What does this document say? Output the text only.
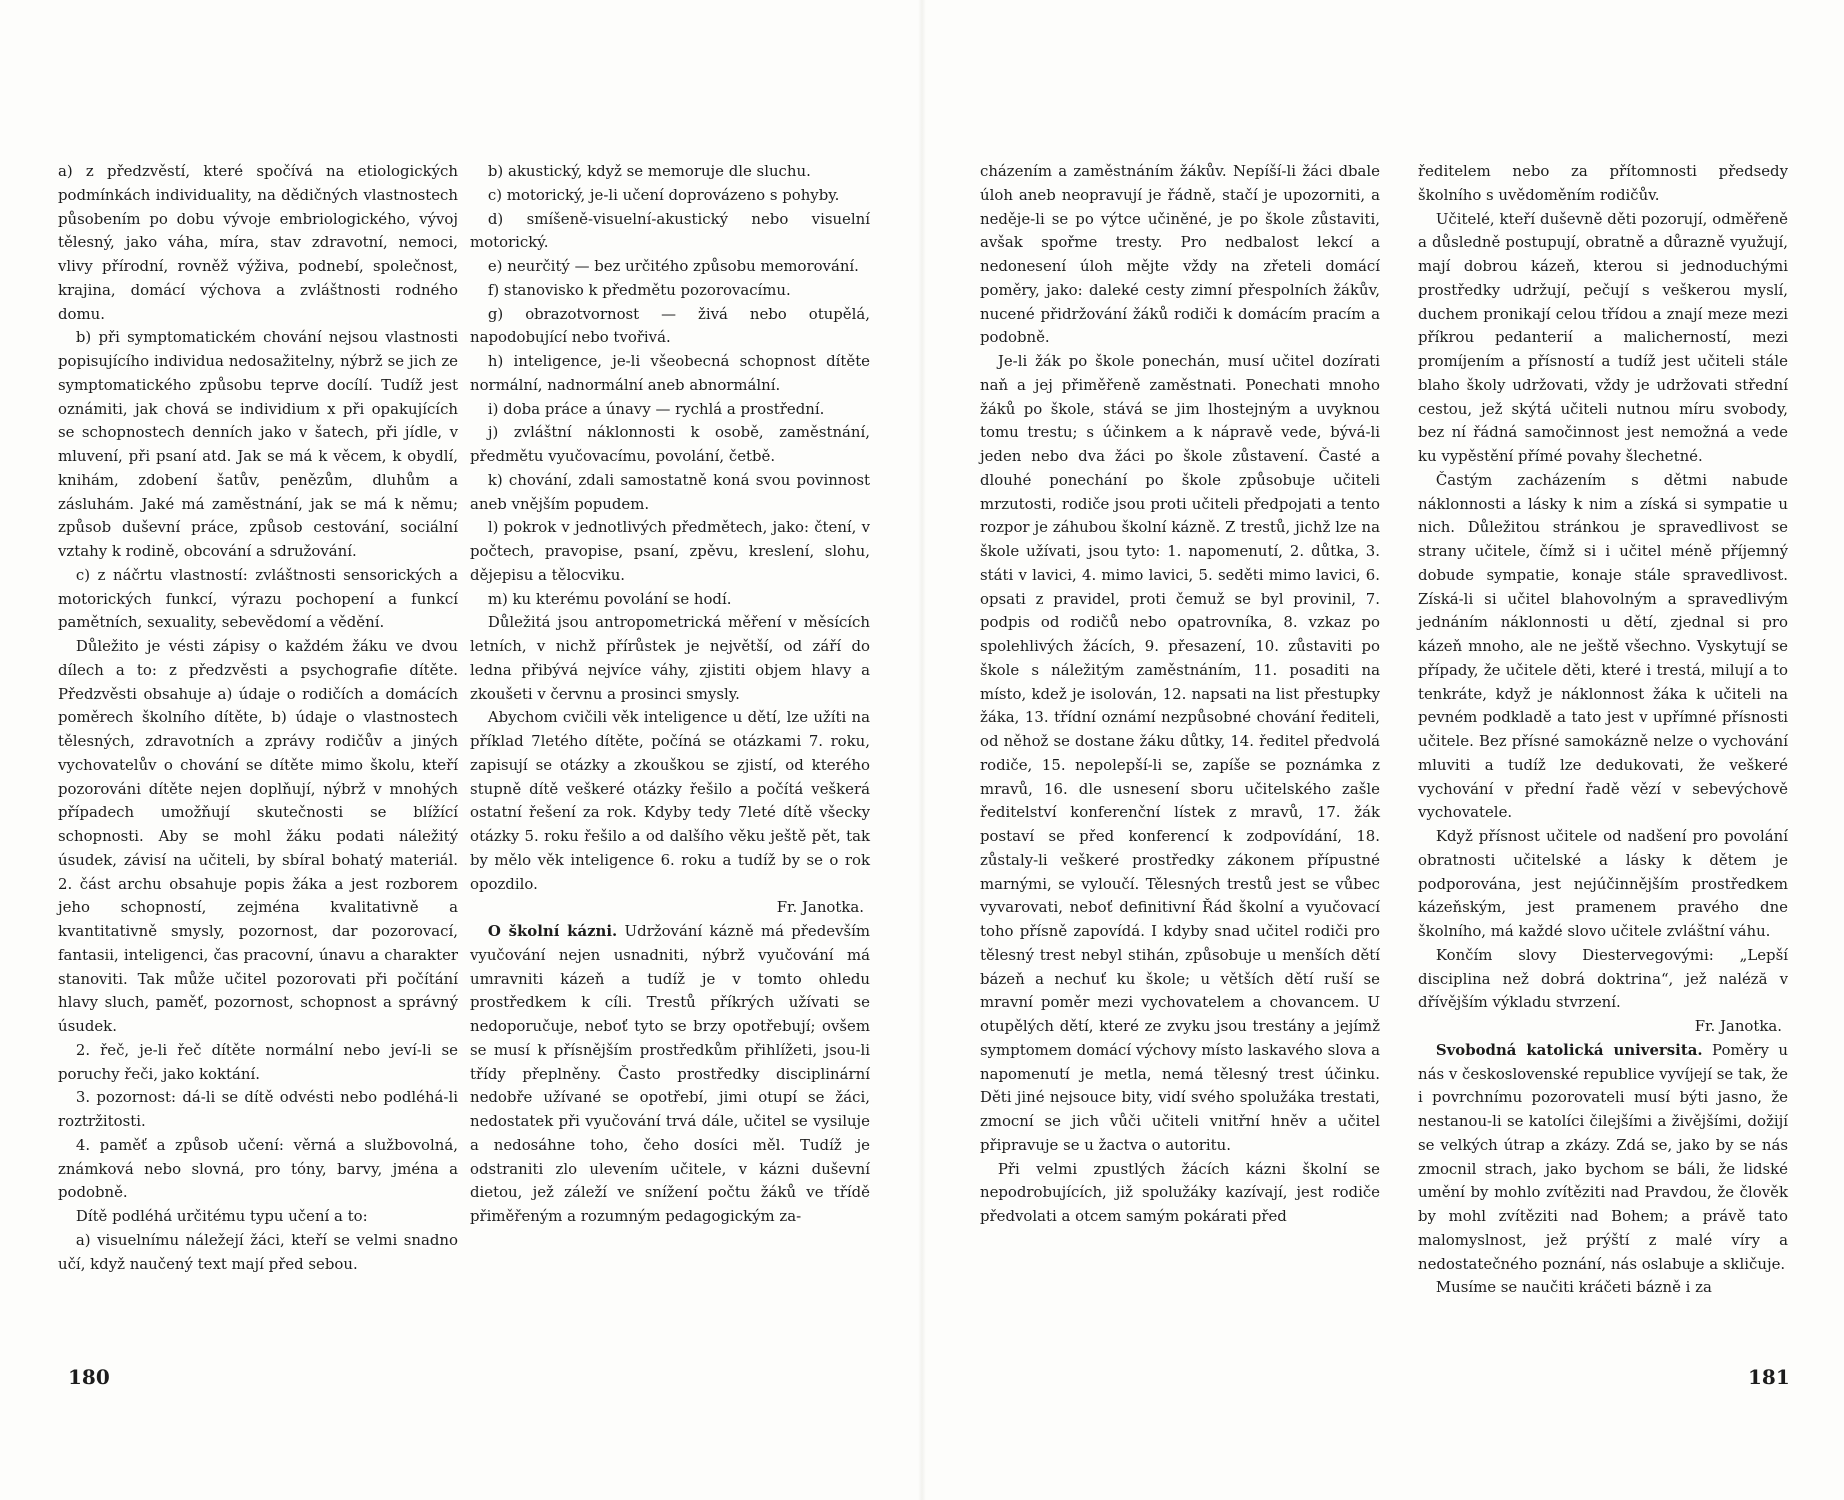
a) z předzvěstí, které spočívá na etiologických podmínkách individuality, na dědičných vlastnostech působením po dobu vývoje embriologického, vývoj tělesný, jako váha, míra, stav zdravotní, nemoci, vlivy přírodní, rovněž výživa, podnebí, společnost, krajina, domácí výchova a zvláštnosti rodného domu.

b) při symptomatickém chování nejsou vlastnosti popisujícího individua nedosažitelny, nýbrž se jich ze symptomatického způsobu teprve docílí. Tudíž jest oznámiti, jak chová se individium x při opakujících se schopnostech denních jako v šatech, při jídle, v mluvení, při psaní atd. Jak se má k věcem, k obydlí, knihám, zdobení šatův, penězům, dluhům a zásluhám. Jaké má zaměstnání, jak se má k němu; způsob duševní práce, způsob cestování, sociální vztahy k rodině, obcování a sdružování.

c) z náčrtu vlastností: zvláštnosti sensorických a motorických funkcí, výrazu pochopení a funkcí pamětních, sexuality, sebevědomí a vědění.

Důležito je vésti zápisy o každém žáku ve dvou dílech a to: z předzvěsti a psychografie dítěte. Předzvěsti obsahuje a) údaje o rodičích a domácích poměrech školního dítěte, b) údaje o vlastnostech tělesných, zdravotních a zprávy rodičův a jiných vychovatelův o chování se dítěte mimo školu, kteří pozorováni dítěte nejen doplňují, nýbrž v mnohých případech umožňují skutečnosti se blížící schopnosti. Aby se mohl žáku podati náležitý úsudek, závisí na učiteli, by sbíral bohatý materiál. 2. část archu obsahuje popis žáka a jest rozborem jeho schopností, zejména kvalitativně a kvantitativně smysly, pozornost, dar pozorovací, fantasii, inteligenci, čas pracovní, únavu a charakter stanoviti. Tak může učitel pozorovati při počítání hlavy sluch, paměť, pozornost, schopnost a správný úsudek.

2. řeč, je-li řeč dítěte normální nebo jeví-li se poruchy řeči, jako koktání.

3. pozornost: dá-li se dítě odvésti nebo podléhá-li roztržitosti.

4. paměť a způsob učení: věrná a službovolná, známková nebo slovná, pro tóny, barvy, jména a podobně.

Dítě podléhá určitému typu učení a to:

a) visuelnímu náležejí žáci, kteří se velmi snadno učí, když naučený text mají před sebou.

b) akustický, když se memoruje dle sluchu.

c) motorický, je-li učení doprovázeno s pohyby.

d) smíšeně-visuelní-akustický nebo visuelní motorický.

e) neurčitý — bez určitého způsobu memorování.

f) stanovisko k předmětu pozorovacímu.

g) obrazotvornost — živá nebo otupělá, napodobující nebo tvořivá.

h) inteligence, je-li všeobecná schopnost dítěte normální, nadnormální aneb abnormální.

i) doba práce a únavy — rychlá a prostřední.

j) zvláštní náklonnosti k osobě, zaměstnání, předmětu vyučovacímu, povolání, četbě.

k) chování, zdali samostatně koná svou povinnost aneb vnějším popudem.

l) pokrok v jednotlivých předmětech, jako: čtení, v počtech, pravopise, psaní, zpěvu, kreslení, slohu, dějepisu a tělocviku.

m) ku kterému povolání se hodí.

Důležitá jsou antropometrická měření v měsících letních, v nichž přírůstek je největší, od září do ledna přibývá nejvíce váhy, zjistiti objem hlavy a zkoušeti v červnu a prosinci smysly.

Abychom cvičili věk inteligence u dětí, lze užíti na příklad 7letého dítěte, počíná se otázkami 7. roku, zapisují se otázky a zkouškou se zjistí, od kterého stupně dítě veškeré otázky řešilo a počítá veškerá ostatní řešení za rok. Kdyby tedy 7leté dítě všecky otázky 5. roku řešilo a od dalšího věku ještě pět, tak by mělo věk inteligence 6. roku a tudíž by se o rok opozdilo.

Fr. Janotka.

O školní kázni. Udržování kázně má především vyučování nejen usnadniti, nýbrž vyučování má umravniti kázeň a tudíž je v tomto ohledu prostředkem k cíli. Trestů příkrých užívati se nedoporučuje, neboť tyto se brzy opotřebují; ovšem se musí k přísnějším prostředkům přihlížeti, jsou-li třídy přeplněny. Často prostředky disciplinární nedobře užívané se opotřebí, jimi otupí se žáci, nedostatek při vyučování trvá dále, učitel se vysiluje a nedosáhne toho, čeho dosíci měl. Tudíž je odstraniti zlo ulevením učitele, v kázni duševní dietou, jež záleží ve snížení počtu žáků ve třídě přiměřeným a rozumným pedagogickým za-

180

cházením a zaměstnáním žákův. Nepíší-li žáci dbale úloh aneb neopravují je řádně, stačí je upozorniti, a neděje-li se po výtce učiněné, je po škole zůstaviti, avšak spořme tresty. Pro nedbalost lekcí a nedonesení úloh mějte vždy na zřeteli domácí poměry, jako: daleké cesty zimní přespolních žákův, nucené přidržování žáků rodiči k domácím pracím a podobně.

Je-li žák po škole ponechán, musí učitel dozírati naň a jej přiměřeně zaměstnati. Ponechati mnoho žáků po škole, stává se jim lhostejným a uvyknou tomu trestu; s účinkem a k nápravě vede, bývá-li jeden nebo dva žáci po škole zůstavení. Časté a dlouhé ponechání po škole způsobuje učiteli mrzutosti, rodiče jsou proti učiteli předpojati a tento rozpor je záhubou školní kázně. Z trestů, jichž lze na škole užívati, jsou tyto: 1. napomenutí, 2. důtka, 3. státi v lavici, 4. mimo lavici, 5. seděti mimo lavici, 6. opsati z pravidel, proti čemuž se byl provinil, 7. podpis od rodičů nebo opatrovníka, 8. vzkaz po spolehlivých žácích, 9. přesazení, 10. zůstaviti po škole s náležitým zaměstnáním, 11. posaditi na místo, kdež je isolován, 12. napsati na list přestupky žáka, 13. třídní oznámí nezpůsobné chování řediteli, od něhož se dostane žáku důtky, 14. ředitel předvolá rodiče, 15. nepolepší-li se, zapíše se poznámka z mravů, 16. dle usnesení sboru učitelského zašle ředitelství konferenční lístek z mravů, 17. žák postaví se před konferencí k zodpovídání, 18. zůstaly-li veškeré prostředky zákonem přípustné marnými, se vyloučí. Tělesných trestů jest se vůbec vyvarovati, neboť definitivní Řád školní a vyučovací toho přísně zapovídá. I kdyby snad učitel rodiči pro tělesný trest nebyl stihán, způsobuje u menších dětí bázeň a nechuť ku škole; u větších dětí ruší se mravní poměr mezi vychovatelem a chovancem. U otupělých dětí, které ze zvyku jsou trestány a jejímž symptomem domácí výchovy místo laskavého slova a napomenutí je metla, nemá tělesný trest účinku. Děti jiné nejsouce bity, vidí svého spolužáka trestati, zmocní se jich vůči učiteli vnitřní hněv a učitel připravuje se u žactva o autoritu.

Při velmi zpustlých žácích kázni školní se nepodrobujících, již spolužáky kazívají, jest rodiče předvolati a otcem samým pokárati před

ředitelem nebo za přítomnosti předsedy školního s uvědoměním rodičův.

Učitelé, kteří duševně děti pozorují, odměřeně a důsledně postupují, obratně a důrazně využují, mají dobrou kázeň, kterou si jednoduchými prostředky udržují, pečují s veškerou myslí, duchem pronikají celou třídou a znají meze mezi příkrou pedanterií a malicherností, mezi promíjením a přísností a tudíž jest učiteli stále blaho školy udržovati, vždy je udržovati střední cestou, jež skýtá učiteli nutnou míru svobody, bez ní řádná samočinnost jest nemožná a vede ku vypěstění přímé povahy šlechetné.

Častým zacházením s dětmi nabude náklonnosti a lásky k nim a získá si sympatie u nich. Důležitou stránkou je spravedlivost se strany učitele, čímž si i učitel méně příjemný dobude sympatie, konaje stále spravedlivost. Získá-li si učitel blahovolným a spravedlivým jednáním náklonnosti u dětí, zjednal si pro kázeň mnoho, ale ne ještě všechno. Vyskytují se případy, že učitele děti, které i trestá, milují a to tenkráte, když je náklonnost žáka k učiteli na pevném podkladě a tato jest v upřímné přísnosti učitele. Bez přísné samokázně nelze o vychování mluviti a tudíž lze dedukovati, že veškeré vychování v přední řadě vězí v sebevýchově vychovatele.

Když přísnost učitele od nadšení pro povolání obratnosti učitelské a lásky k dětem je podporována, jest nejúčinnějším prostředkem kázeňským, jest pramenem pravého dne školního, má každé slovo učitele zvláštní váhu.

Končím slovy Diestervegovými: „Lepší disciplina než dobrá doktrina“, jež naléză v dřívějším výkladu stvrzení.

Fr. Janotka.

Svobodná katolická universita. Poměry u nás v československé republice vyvíjejí se tak, že i povrchnímu pozorovateli musí býti jasno, že nestanou-li se katolíci čilejšími a živějšími, dožijí se velkých útrap a zkázy. Zdá se, jako by se nás zmocnil strach, jako bychom se báli, že lidské umění by mohlo zvítěziti nad Pravdou, že člověk by mohl zvítěziti nad Bohem; a právě tato malomyslnost, jež prýští z malé víry a nedostatečného poznání, nás oslabuje a skličuje.

Musíme se naučiti kráčeti bázně i za

181
